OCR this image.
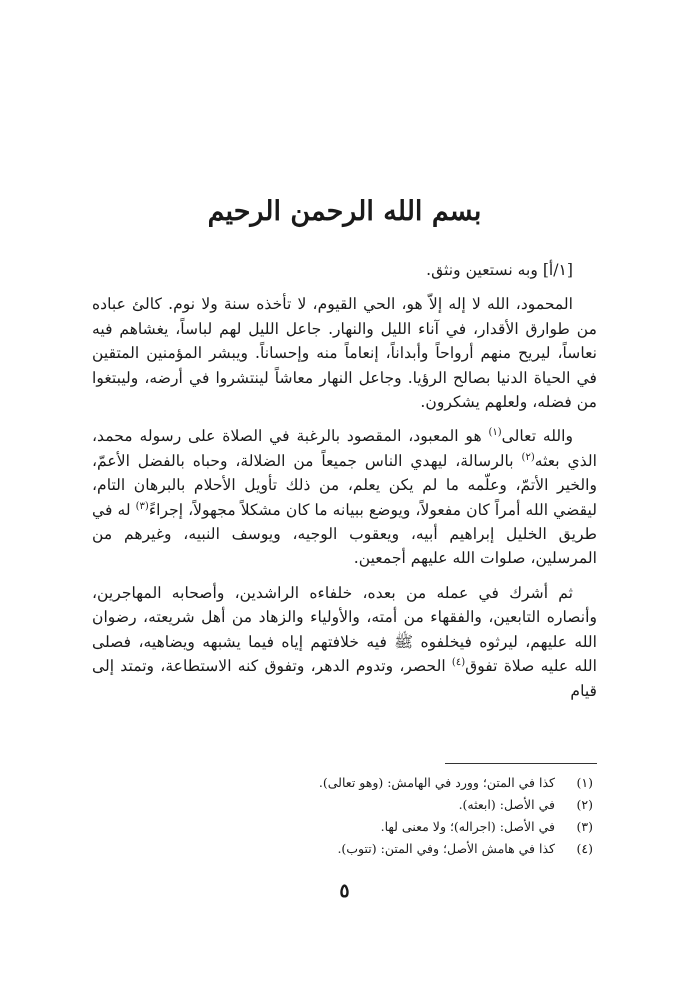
بسم الله الرحمن الرحيم

[١/أ] وبه نستعين ونثق.

المحمود، الله لا إله إلاّ هو، الحي القيوم، لا تأخذه سنة ولا نوم. كالئ عباده من طوارق الأقدار، في آناء الليل والنهار. جاعل الليل لهم لباساً، يغشاهم فيه نعاساً، ليريح منهم أرواحاً وأبداناً، إنعاماً منه وإحساناً. ويبشر المؤمنين المتقين في الحياة الدنيا بصالح الرؤيا. وجاعل النهار معاشاً لينتشروا في أرضه، وليبتغوا من فضله، ولعلهم يشكرون.

والله تعالى$^{(١)}$ هو المعبود، المقصود بالرغبة في الصلاة على رسوله محمد، الذي بعثه$^{(٢)}$ بالرسالة، ليهدي الناس جميعاً من الضلالة، وحباه بالفضل الأعمّ، والخير الأتمّ، وعلّمه ما لم يكن يعلم، من ذلك تأويل الأحلام بالبرهان التام، ليقضي الله أمراً كان مفعولاً، ويوضع ببيانه ما كان مشكلاً مجهولاً، إجراءً$^{(٣)}$ له في طريق الخليل إبراهيم أبيه، ويعقوب الوجيه، ويوسف النبيه، وغيرهم من المرسلين، صلوات الله عليهم أجمعين.

ثم أشرك في عمله من بعده، خلفاءه الراشدين، وأصحابه المهاجرين، وأنصاره التابعين، والفقهاء من أمته، والأولياء والزهاد من أهل شريعته، رضوان الله عليهم، ليرثوه فيخلفوه ﷺ فيه خلافتهم إياه فيما يشبهه ويضاهيه، فصلى الله عليه صلاة تفوق$^{(٤)}$ الحصر، وتدوم الدهر، وتفوق كنه الاستطاعة، وتمتد إلى قيام

(١)
كذا في المتن؛ وورد في الهامش: (وهو تعالى).
(٢)
في الأصل: (ابعثه).
(٣)
في الأصل: (اجراله)؛ ولا معنى لها.
(٤)
كذا في هامش الأصل؛ وفي المتن: (تتوب).
٥
